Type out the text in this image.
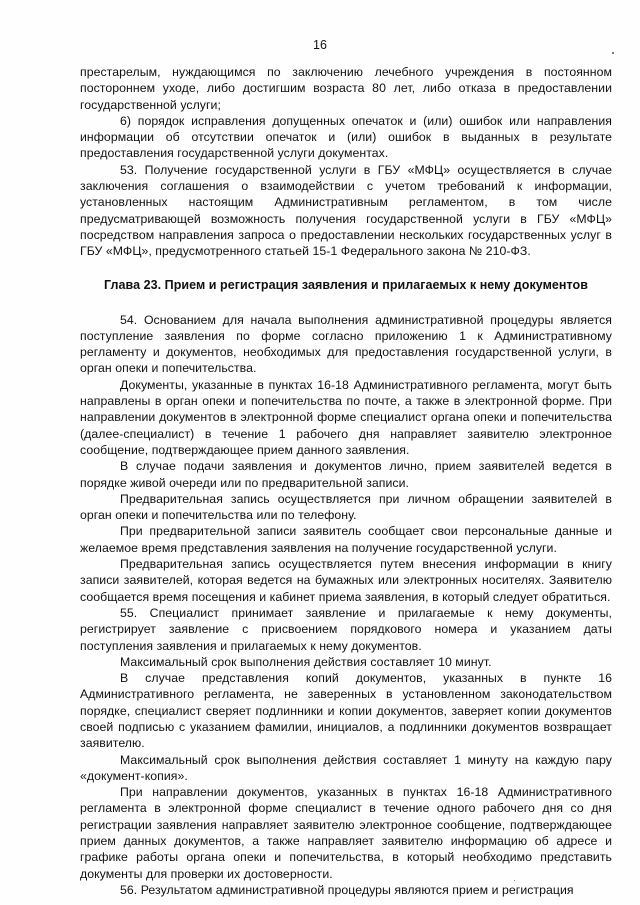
16

престарелым, нуждающимся по заключению лечебного учреждения в постоянном постороннем уходе, либо достигшим возраста 80 лет, либо отказа в предоставлении государственной услуги;

6) порядок исправления допущенных опечаток и (или) ошибок или направления информации об отсутствии опечаток и (или) ошибок в выданных в результате предоставления государственной услуги документах.

53. Получение государственной услуги в ГБУ «МФЦ» осуществляется в случае заключения соглашения о взаимодействии с учетом требований к информации, установленных настоящим Административным регламентом, в том числе предусматривающей возможность получения государственной услуги в ГБУ «МФЦ» посредством направления запроса о предоставлении нескольких государственных услуг в ГБУ «МФЦ», предусмотренного статьей 15-1 Федерального закона № 210-ФЗ.

Глава 23. Прием и регистрация заявления и прилагаемых к нему документов

54. Основанием для начала выполнения административной процедуры является поступление заявления по форме согласно приложению 1 к Административному регламенту и документов, необходимых для предоставления государственной услуги, в орган опеки и попечительства.

Документы, указанные в пунктах 16-18 Административного регламента, могут быть направлены в орган опеки и попечительства по почте, а также в электронной форме. При направлении документов в электронной форме специалист органа опеки и попечительства (далее-специалист) в течение 1 рабочего дня направляет заявителю электронное сообщение, подтверждающее прием данного заявления.

В случае подачи заявления и документов лично, прием заявителей ведется в порядке живой очереди или по предварительной записи.

Предварительная запись осуществляется при личном обращении заявителей в орган опеки и попечительства или по телефону.

При предварительной записи заявитель сообщает свои персональные данные и желаемое время представления заявления на получение государственной услуги.

Предварительная запись осуществляется путем внесения информации в книгу записи заявителей, которая ведется на бумажных или электронных носителях. Заявителю сообщается время посещения и кабинет приема заявления, в который следует обратиться.

55. Специалист принимает заявление и прилагаемые к нему документы, регистрирует заявление с присвоением порядкового номера и указанием даты поступления заявления и прилагаемых к нему документов.

Максимальный срок выполнения действия составляет 10 минут.

В случае представления копий документов, указанных в пункте 16 Административного регламента, не заверенных в установленном законодательством порядке, специалист сверяет подлинники и копии документов, заверяет копии документов своей подписью с указанием фамилии, инициалов, а подлинники документов возвращает заявителю.

Максимальный срок выполнения действия составляет 1 минуту на каждую пару «документ-копия».

При направлении документов, указанных в пунктах 16-18 Административного регламента в электронной форме специалист в течение одного рабочего дня со дня регистрации заявления направляет заявителю электронное сообщение, подтверждающее прием данных документов, а также направляет заявителю информацию об адресе и графике работы органа опеки и попечительства, в который необходимо представить документы для проверки их достоверности.

56. Результатом административной процедуры являются прием и регистрация
